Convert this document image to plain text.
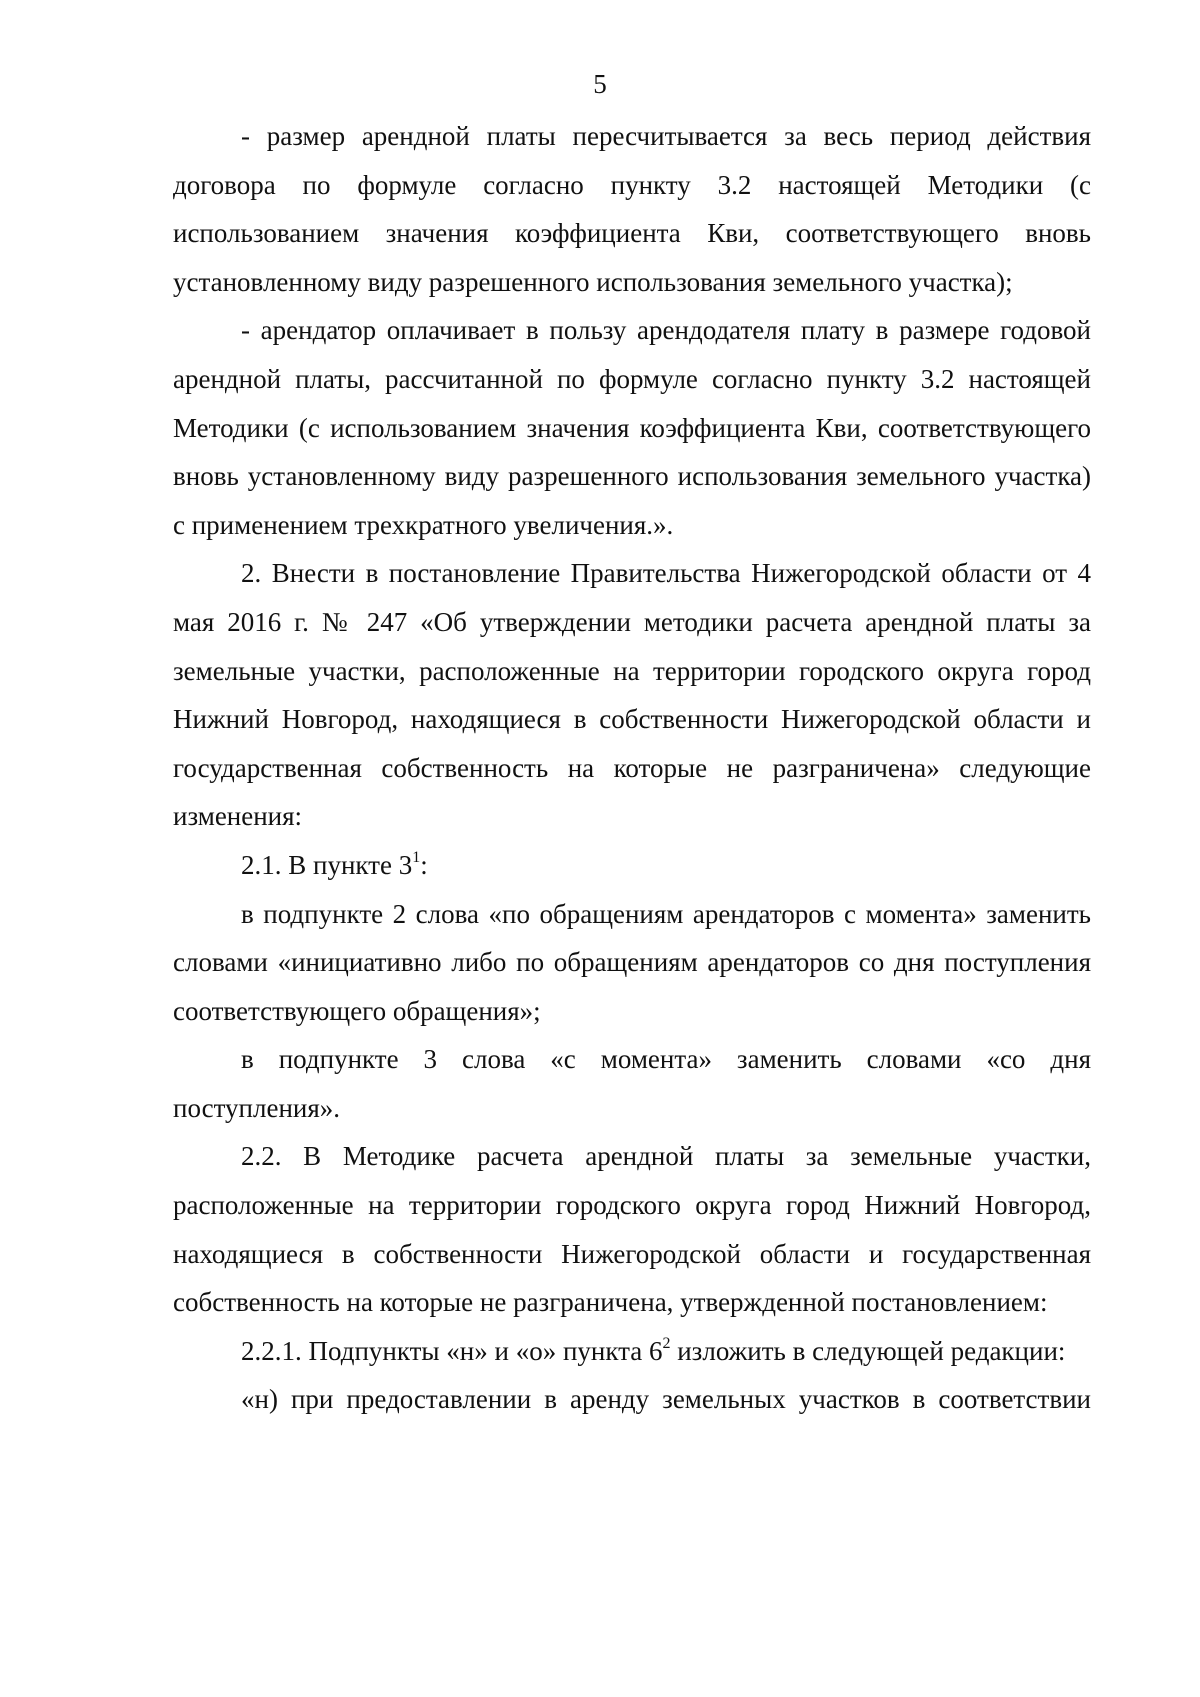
5

- размер арендной платы пересчитывается за весь период действия договора по формуле согласно пункту 3.2 настоящей Методики (с использованием значения коэффициента Кви, соответствующего вновь установленному виду разрешенного использования земельного участка);

- арендатор оплачивает в пользу арендодателя плату в размере годовой арендной платы, рассчитанной по формуле согласно пункту 3.2 настоящей Методики (с использованием значения коэффициента Кви, соответствующего вновь установленному виду разрешенного использования земельного участка) с применением трехкратного увеличения.».

2. Внести в постановление Правительства Нижегородской области от 4 мая 2016 г. № 247 «Об утверждении методики расчета арендной платы за земельные участки, расположенные на территории городского округа город Нижний Новгород, находящиеся в собственности Нижегородской области и государственная собственность на которые не разграничена» следующие изменения:

2.1. В пункте $3^1$:

в подпункте 2 слова «по обращениям арендаторов с момента» заменить словами «инициативно либо по обращениям арендаторов со дня поступления соответствующего обращения»;

в подпункте 3 слова «с момента» заменить словами «со дня поступления».

2.2. В Методике расчета арендной платы за земельные участки, расположенные на территории городского округа город Нижний Новгород, находящиеся в собственности Нижегородской области и государственная собственность на которые не разграничена, утвержденной постановлением:

2.2.1. Подпункты «н» и «о» пункта $6^2$ изложить в следующей редакции:

«н) при предоставлении в аренду земельных участков в соответствии
